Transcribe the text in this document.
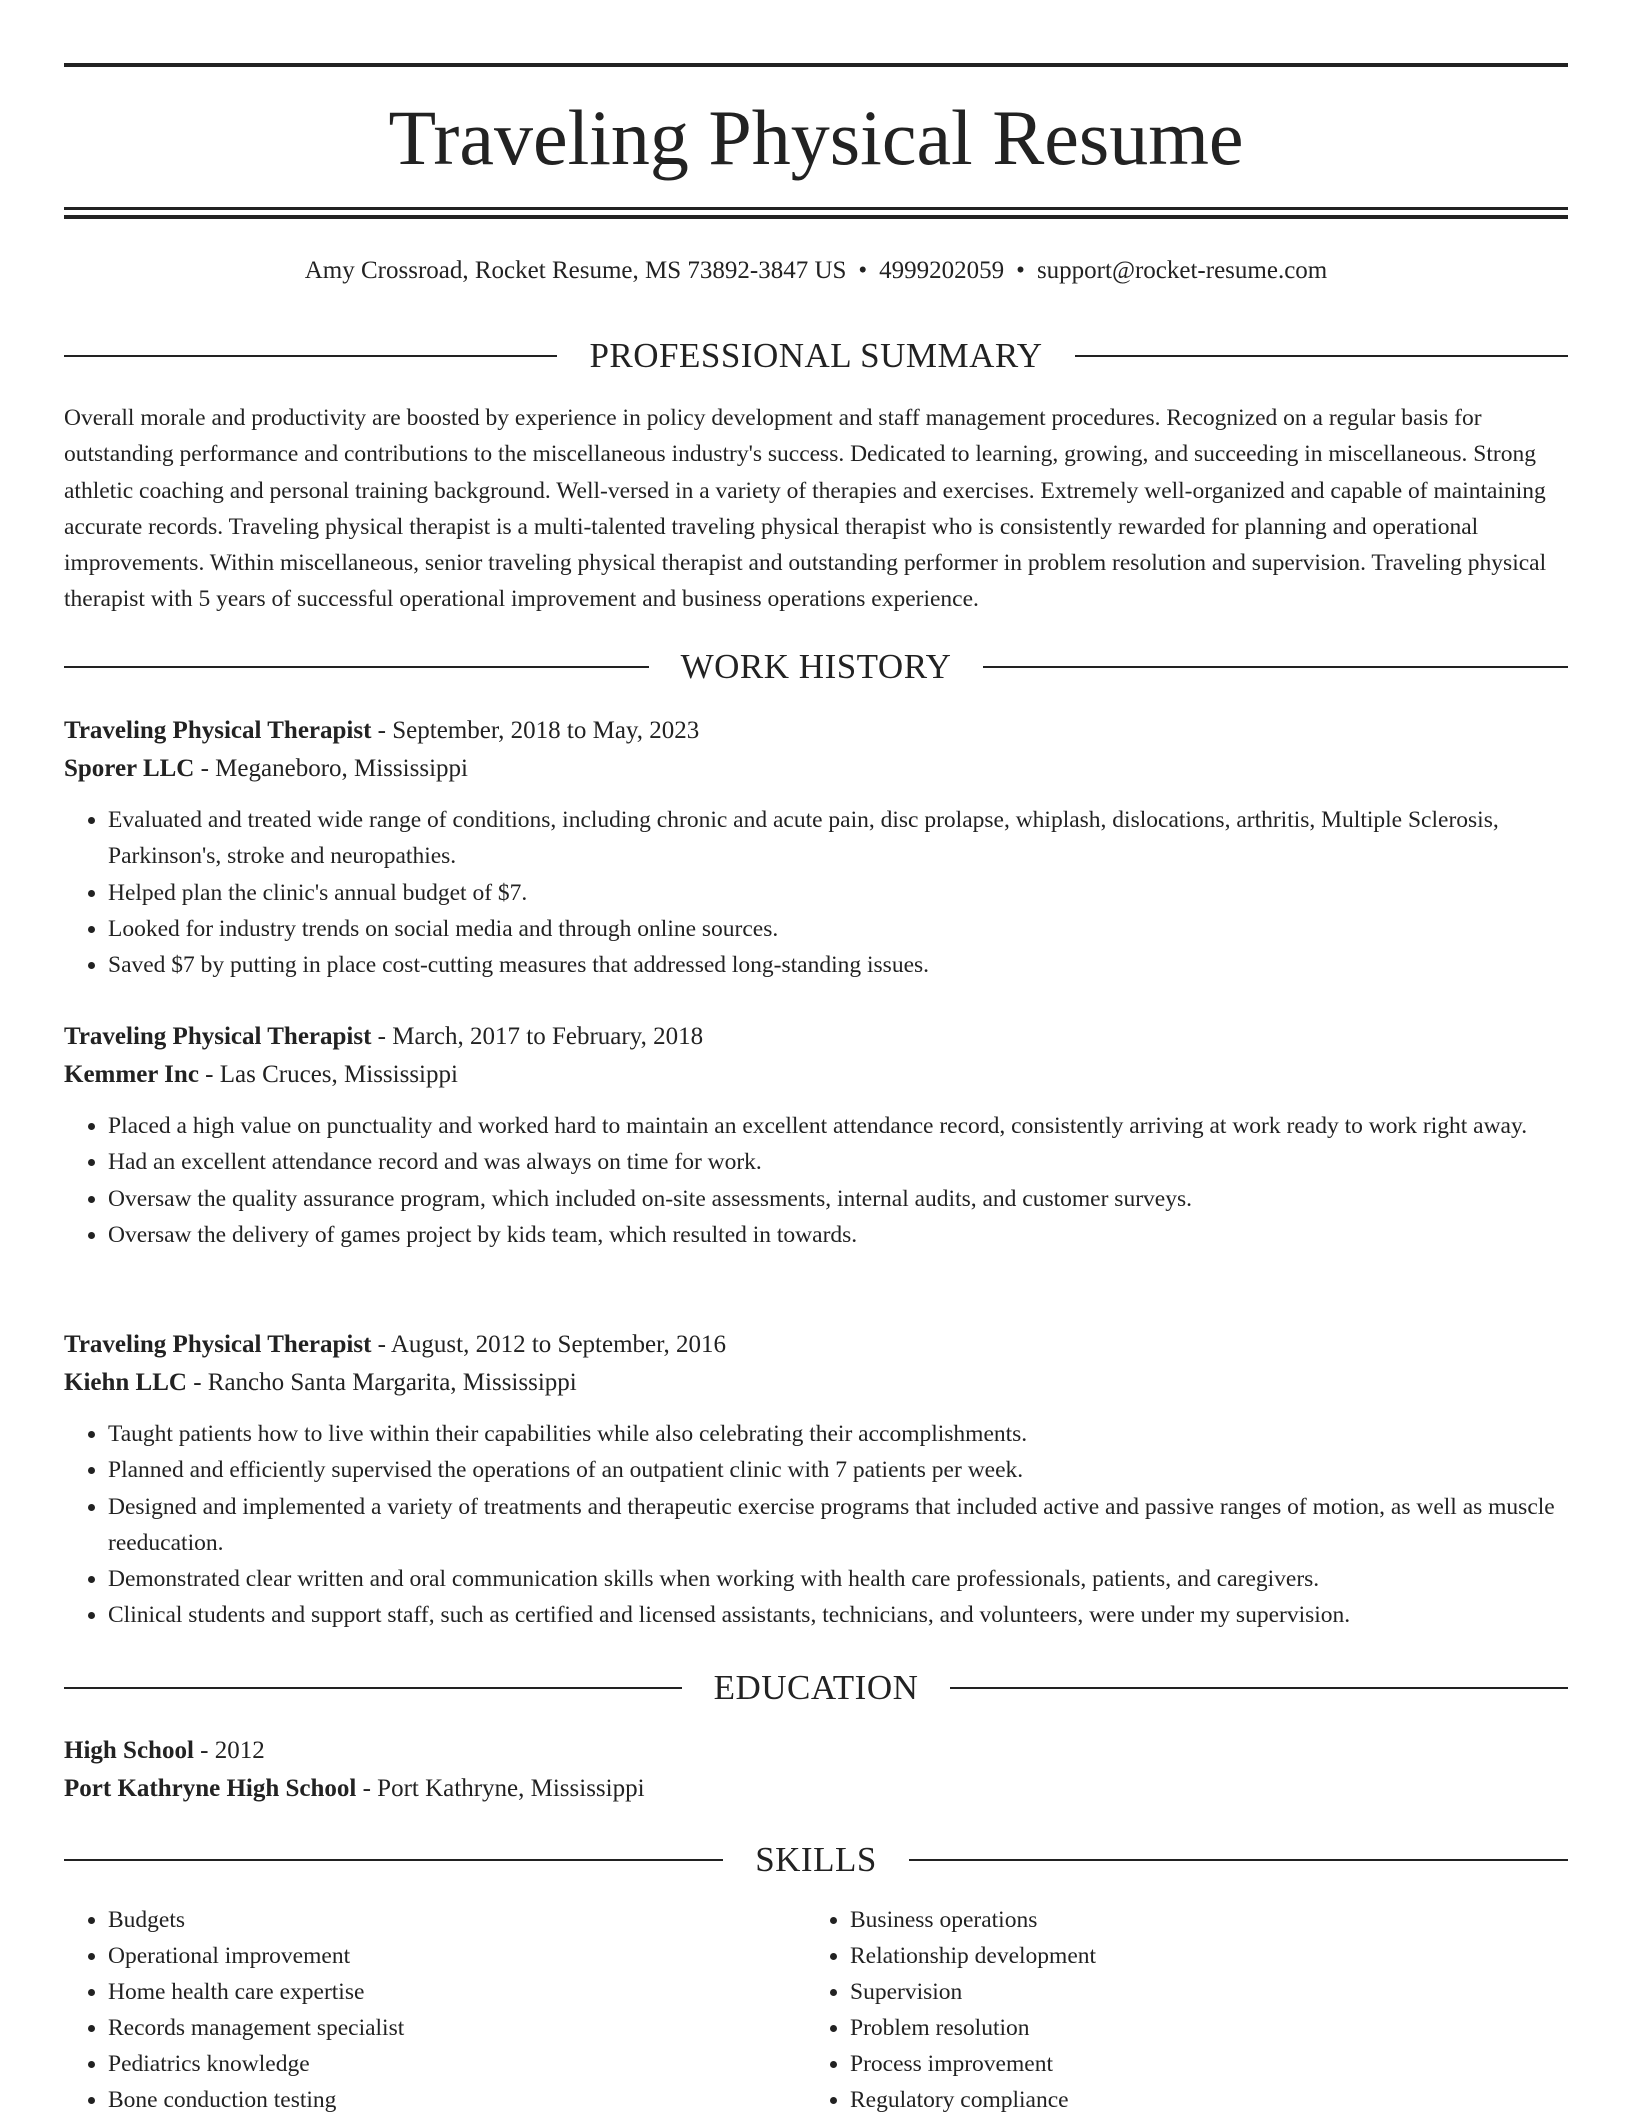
Traveling Physical Resume
Amy Crossroad, Rocket Resume, MS 73892-3847 US • 4999202059 • support@rocket-resume.com
PROFESSIONAL SUMMARY

Overall morale and productivity are boosted by experience in policy development and staff management procedures. Recognized on a regular basis for outstanding performance and contributions to the miscellaneous industry's success. Dedicated to learning, growing, and succeeding in miscellaneous. Strong athletic coaching and personal training background. Well-versed in a variety of therapies and exercises. Extremely well-organized and capable of maintaining accurate records. Traveling physical therapist is a multi-talented traveling physical therapist who is consistently rewarded for planning and operational improvements. Within miscellaneous, senior traveling physical therapist and outstanding performer in problem resolution and supervision. Traveling physical therapist with 5 years of successful operational improvement and business operations experience.

WORK HISTORY
Traveling Physical Therapist - September, 2018 to May, 2023
Sporer LLC - Meganeboro, Mississippi
• Evaluated and treated wide range of conditions, including chronic and acute pain, disc prolapse, whiplash, dislocations, arthritis, Multiple Sclerosis, Parkinson's, stroke and neuropathies.
• Helped plan the clinic's annual budget of $7.
• Looked for industry trends on social media and through online sources.
• Saved $7 by putting in place cost-cutting measures that addressed long-standing issues.
Traveling Physical Therapist - March, 2017 to February, 2018
Kemmer Inc - Las Cruces, Mississippi
• Placed a high value on punctuality and worked hard to maintain an excellent attendance record, consistently arriving at work ready to work right away.
• Had an excellent attendance record and was always on time for work.
• Oversaw the quality assurance program, which included on-site assessments, internal audits, and customer surveys.
• Oversaw the delivery of games project by kids team, which resulted in towards.
Traveling Physical Therapist - August, 2012 to September, 2016
Kiehn LLC - Rancho Santa Margarita, Mississippi
• Taught patients how to live within their capabilities while also celebrating their accomplishments.
• Planned and efficiently supervised the operations of an outpatient clinic with 7 patients per week.
• Designed and implemented a variety of treatments and therapeutic exercise programs that included active and passive ranges of motion, as well as muscle reeducation.
• Demonstrated clear written and oral communication skills when working with health care professionals, patients, and caregivers.
• Clinical students and support staff, such as certified and licensed assistants, technicians, and volunteers, were under my supervision.
EDUCATION
High School - 2012
Port Kathryne High School - Port Kathryne, Mississippi
SKILLS
• Budgets
• Operational improvement
• Home health care expertise
• Records management specialist
• Pediatrics knowledge
• Bone conduction testing
• Business operations
• Relationship development
• Supervision
• Problem resolution
• Process improvement
• Regulatory compliance
